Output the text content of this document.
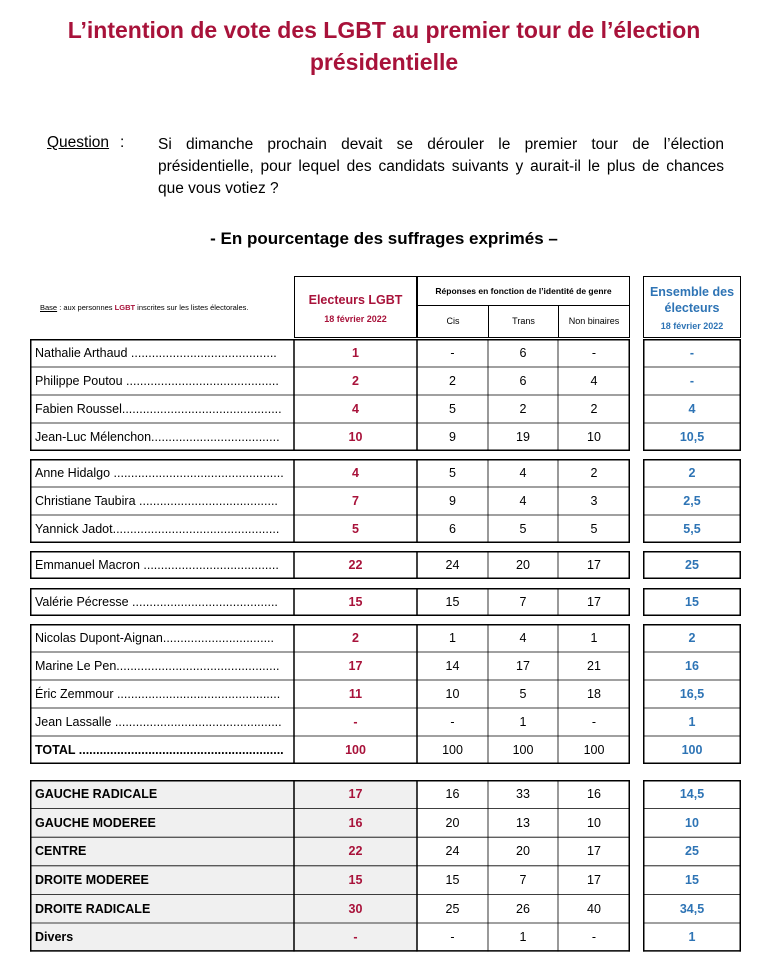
L’intention de vote des LGBT au premier tour de l’élection présidentielle
Question : Si dimanche prochain devait se dérouler le premier tour de l’élection présidentielle, pour lequel des candidats suivants y aurait-il le plus de chances que vous votiez ?
- En pourcentage des suffrages exprimés –
Base : aux personnes LGBT inscrites sur les listes électorales.
Electeurs LGBT
18 février 2022
Réponses en fonction de l’identité de genre
Cis	Trans	Non binaires
Ensemble des électeurs
18 février 2022
Nathalie Arthaud ..........................................	1	-	6	-	-
Philippe Poutou ............................................	2	2	6	4	-
Fabien Roussel..............................................	4	5	2	2	4
Jean-Luc Mélenchon.....................................	10	9	19	10	10,5
Anne Hidalgo .................................................	4	5	4	2	2
Christiane Taubira ........................................	7	9	4	3	2,5
Yannick Jadot................................................	5	6	5	5	5,5
Emmanuel Macron .......................................	22	24	20	17	25
Valérie Pécresse ..........................................	15	15	7	17	15
Nicolas Dupont-Aignan................................	2	1	4	1	2
Marine Le Pen...............................................	17	14	17	21	16
Éric Zemmour ...............................................	11	10	5	18	16,5
Jean Lassalle ................................................	-	-	1	-	1
TOTAL ...........................................................	100	100	100	100	100
GAUCHE RADICALE	17	16	33	16	14,5
GAUCHE MODEREE	16	20	13	10	10
CENTRE	22	24	20	17	25
DROITE MODEREE	15	15	7	17	15
DROITE RADICALE	30	25	26	40	34,5
Divers	-	-	1	-	1
